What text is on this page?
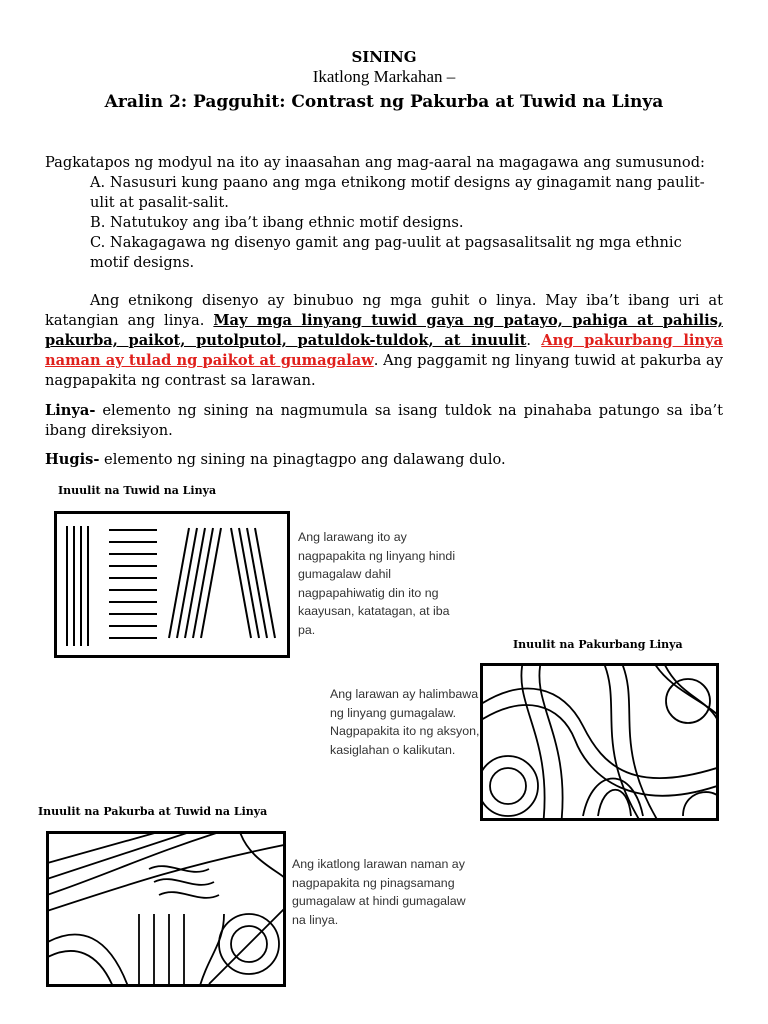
SINING
Ikatlong Markahan –
Aralin 2: Pagguhit: Contrast ng Pakurba at Tuwid na Linya
Pagkatapos ng modyul na ito ay inaasahan ang mag-aaral na magagawa ang sumusunod:
A. Nasusuri kung paano ang mga etnikong motif designs ay ginagamit nang paulit-ulit at pasalit-salit.
B. Natutukoy ang iba’t ibang ethnic motif designs.
C. Nakagagawa ng disenyo gamit ang pag-uulit at pagsasalitsalit ng mga ethnic motif designs.
Ang etnikong disenyo ay binubuo ng mga guhit o linya. May iba’t ibang uri at katangian ang linya. May mga linyang tuwid gaya ng patayo, pahiga at pahilis, pakurba, paikot, putolputol, patuldok-tuldok, at inuulit. Ang pakurbang linya naman ay tulad ng paikot at gumagalaw. Ang paggamit ng linyang tuwid at pakurba ay nagpapakita ng contrast sa larawan.
Linya- elemento ng sining na nagmumula sa isang tuldok na pinahaba patungo sa iba’t ibang direksiyon.
Hugis- elemento ng sining na pinagtagpo ang dalawang dulo.
Inuulit na Tuwid na Linya
Ang larawang ito ay nagpapakita ng linyang hindi gumagalaw dahil nagpapahiwatig din ito ng kaayusan, katatagan, at iba pa.
Inuulit na Pakurbang Linya
Ang larawan ay halimbawa ng linyang gumagalaw. Nagpapakita ito ng aksyon, kasiglahan o kalikutan.
Inuulit na Pakurba at Tuwid na Linya
Ang ikatlong larawan naman ay nagpapakita ng pinagsamang gumagalaw at hindi gumagalaw na linya.
